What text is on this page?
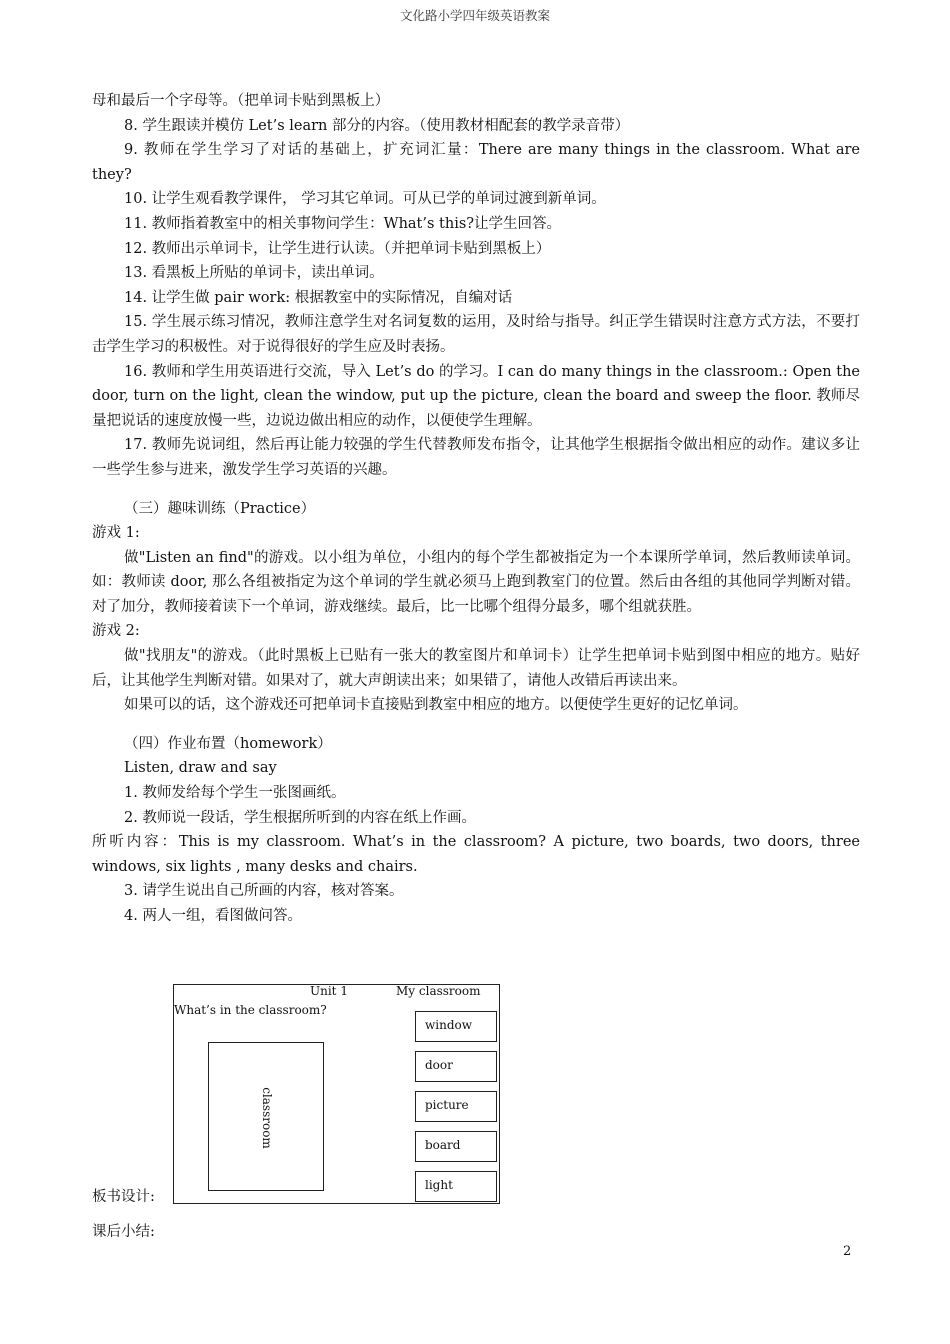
文化路小学四年级英语教案

母和最后一个字母等。（把单词卡贴到黑板上）

8. 学生跟读并模仿 Let’s learn 部分的内容。（使用教材相配套的教学录音带）

9. 教师在学生学习了对话的基础上，扩充词汇量：There are many things in the classroom. What are they?

10. 让学生观看教学课件， 学习其它单词。可从已学的单词过渡到新单词。

11. 教师指着教室中的相关事物问学生：What’s this?让学生回答。

12. 教师出示单词卡，让学生进行认读。（并把单词卡贴到黑板上）

13. 看黑板上所贴的单词卡，读出单词。

14. 让学生做 pair work: 根据教室中的实际情况，自编对话

15. 学生展示练习情况，教师注意学生对名词复数的运用，及时给与指导。纠正学生错误时注意方式方法，不要打击学生学习的积极性。对于说得很好的学生应及时表扬。

16. 教师和学生用英语进行交流，导入 Let’s do 的学习。I can do many things in the classroom.: Open the door, turn on the light, clean the window, put up the picture, clean the board and sweep the floor. 教师尽量把说话的速度放慢一些，边说边做出相应的动作，以便使学生理解。

17. 教师先说词组，然后再让能力较强的学生代替教师发布指令，让其他学生根据指令做出相应的动作。建议多让一些学生参与进来，激发学生学习英语的兴趣。

（三）趣味训练（Practice）

游戏 1:

做"Listen an find"的游戏。以小组为单位，小组内的每个学生都被指定为一个本课所学单词，然后教师读单词。如：教师读 door, 那么各组被指定为这个单词的学生就必须马上跑到教室门的位置。然后由各组的其他同学判断对错。对了加分，教师接着读下一个单词，游戏继续。最后，比一比哪个组得分最多，哪个组就获胜。

游戏 2:

做"找朋友"的游戏。（此时黑板上已贴有一张大的教室图片和单词卡）让学生把单词卡贴到图中相应的地方。贴好后，让其他学生判断对错。如果对了，就大声朗读出来；如果错了，请他人改错后再读出来。

如果可以的话，这个游戏还可把单词卡直接贴到教室中相应的地方。以便使学生更好的记忆单词。

（四）作业布置（homework）

Listen, draw and say

1. 教师发给每个学生一张图画纸。

2. 教师说一段话，学生根据所听到的内容在纸上作画。

所听内容：This is my classroom. What’s in the classroom? A picture, two boards, two doors, three windows, six lights , many desks and chairs.

3. 请学生说出自己所画的内容，核对答案。

4. 两人一组，看图做问答。

板书设计:
Unit 1	My classroom
What’s in the classroom?
classroom
window
door
picture
board
light
课后小结:
2
